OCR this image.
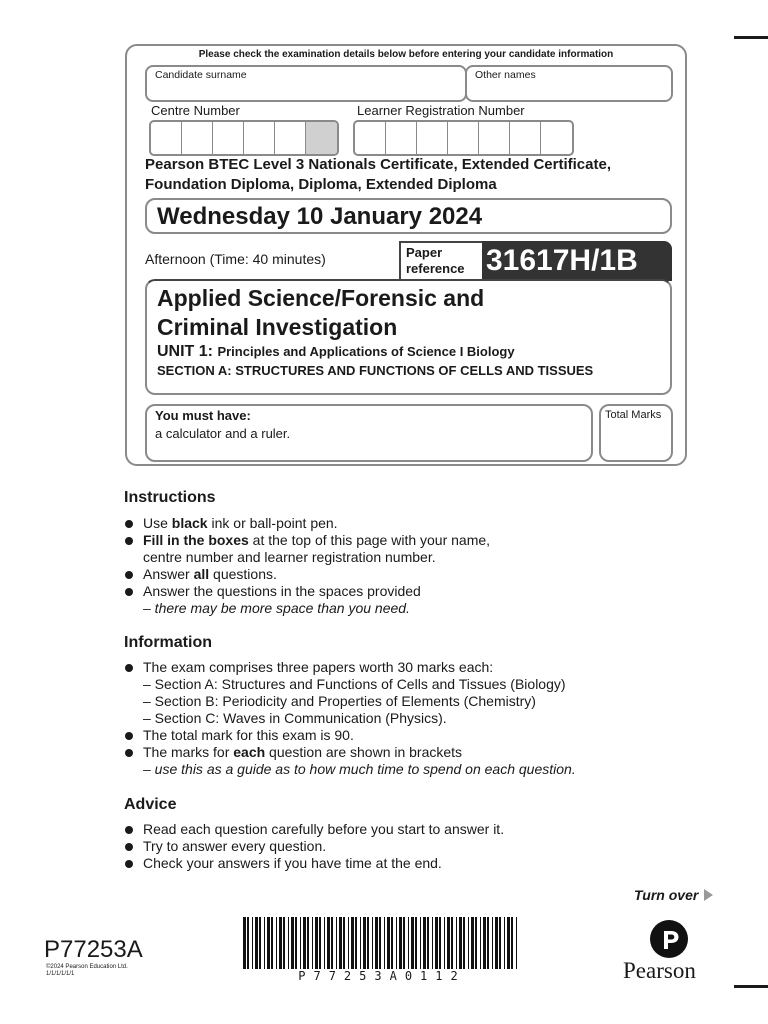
Please check the examination details below before entering your candidate information
Candidate surname	Other names
Centre Number	Learner Registration Number
Pearson BTEC Level 3 Nationals Certificate, Extended Certificate, Foundation Diploma, Diploma, Extended Diploma
Wednesday 10 January 2024
Afternoon (Time: 40 minutes)	Paper
reference 31617H/1B
Applied Science/Forensic and
Criminal Investigation
UNIT 1: Principles and Applications of Science I Biology
SECTION A: STRUCTURES AND FUNCTIONS OF CELLS AND TISSUES
You must have:
a calculator and a ruler.
Total Marks
Instructions
Use black ink or ball-point pen.
Fill in the boxes at the top of this page with your name,
centre number and learner registration number.
Answer all questions.
Answer the questions in the spaces provided
– there may be more space than you need.
Information
The exam comprises three papers worth 30 marks each:
– Section A: Structures and Functions of Cells and Tissues (Biology)
– Section B: Periodicity and Properties of Elements (Chemistry)
– Section C: Waves in Communication (Physics).
The total mark for this exam is 90.
The marks for each question are shown in brackets
– use this as a guide as to how much time to spend on each question.
Advice
Read each question carefully before you start to answer it.
Try to answer every question.
Check your answers if you have time at the end.
Turn over
P77253A
©2024 Pearson Education Ltd.
1/1/1/1/1/1	P77253A0112	Pearson
